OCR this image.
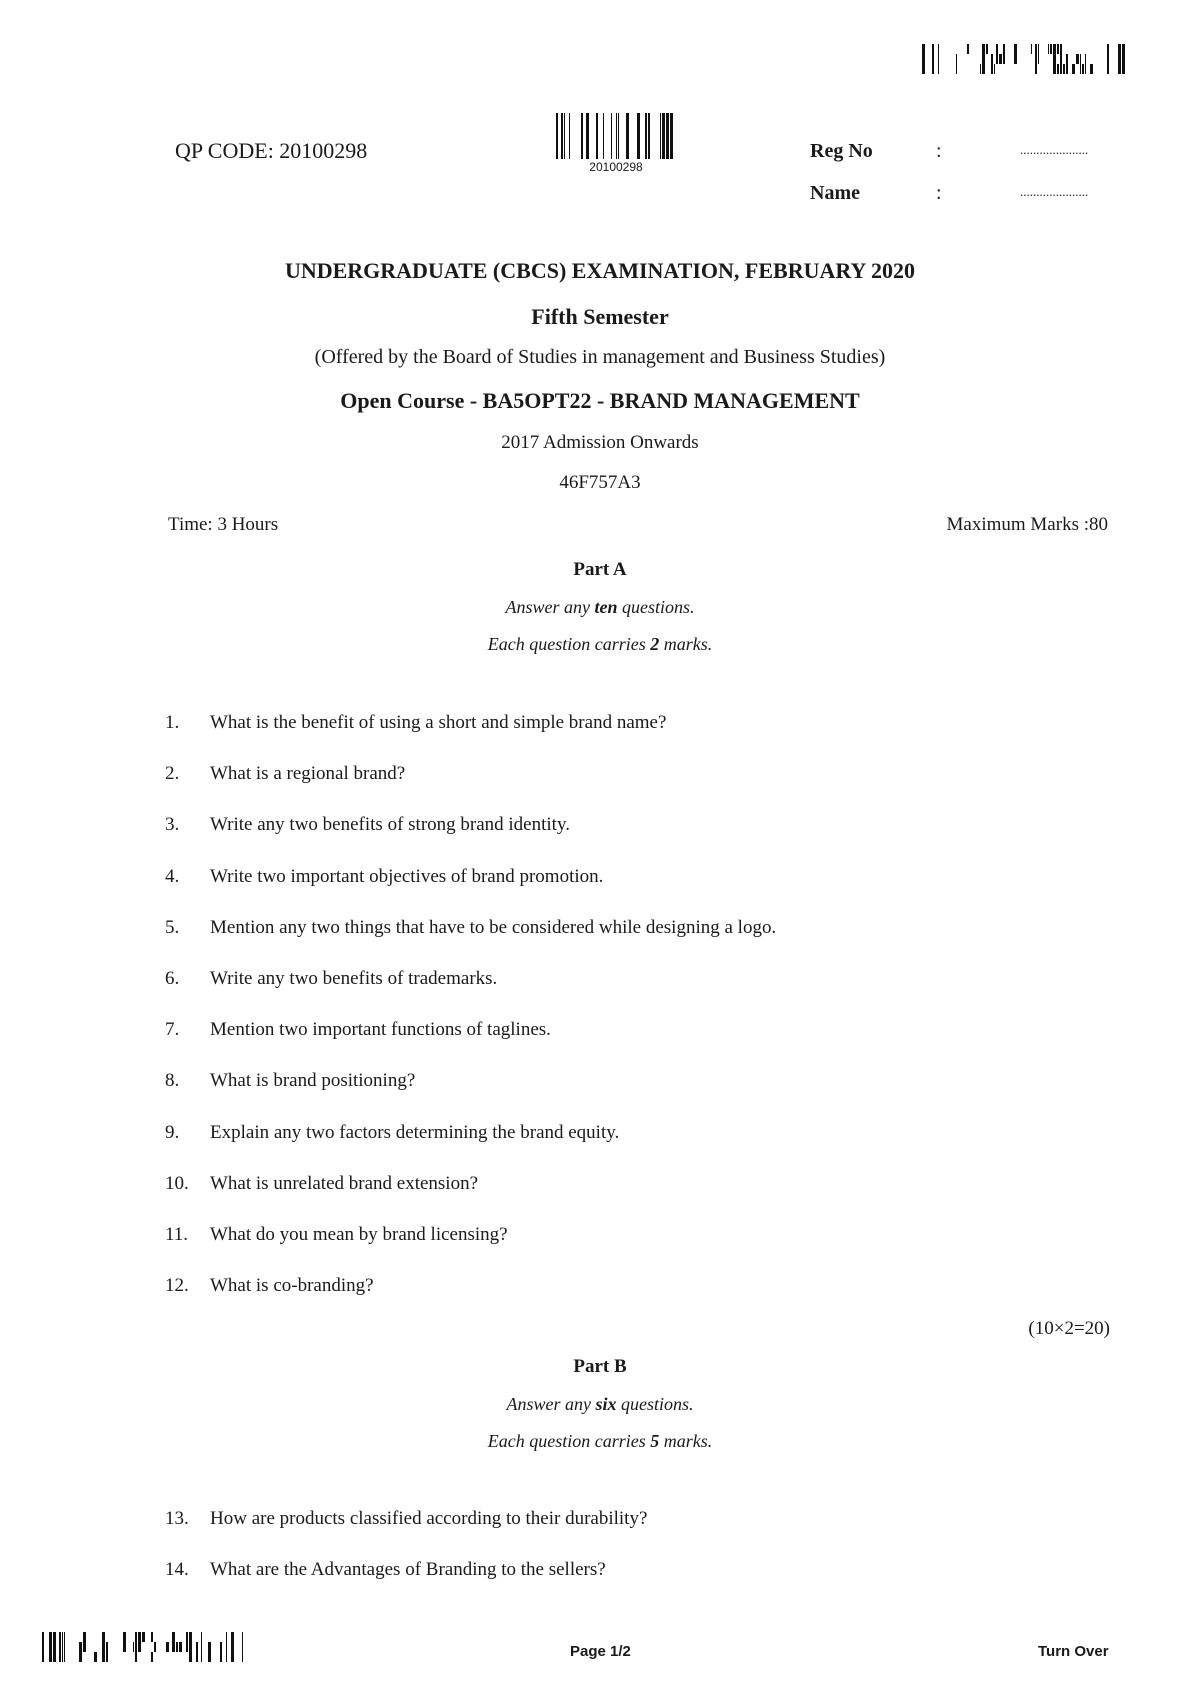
QP CODE: 20100298
20100298
Reg No	:	.....................
Name	:	.....................
UNDERGRADUATE (CBCS) EXAMINATION, FEBRUARY 2020
Fifth Semester
(Offered by the Board of Studies in management and Business Studies)
Open Course - BA5OPT22 - BRAND MANAGEMENT
2017 Admission Onwards
46F757A3
Time: 3 Hours	Maximum Marks :80
Part A
Answer any ten questions.
Each question carries 2 marks.
1. What is the benefit of using a short and simple brand name?
2. What is a regional brand?
3. Write any two benefits of strong brand identity.
4. Write two important objectives of brand promotion.
5. Mention any two things that have to be considered while designing a logo.
6. Write any two benefits of trademarks.
7. Mention two important functions of taglines.
8. What is brand positioning?
9. Explain any two factors determining the brand equity.
10. What is unrelated brand extension?
11. What do you mean by brand licensing?
12. What is co-branding?
(10×2=20)
Part B
Answer any six questions.
Each question carries 5 marks.
13. How are products classified according to their durability?
14. What are the Advantages of Branding to the sellers?
Page 1/2	Turn Over
